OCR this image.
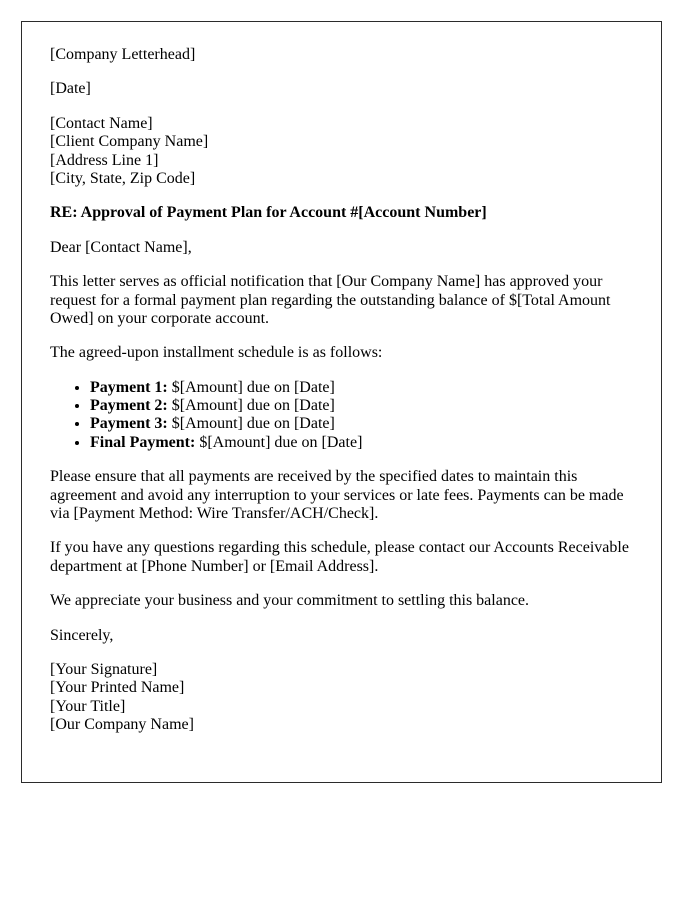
[Company Letterhead]

[Date]

[Contact Name]
[Client Company Name]
[Address Line 1]
[City, State, Zip Code]

RE: Approval of Payment Plan for Account #[Account Number]

Dear [Contact Name],

This letter serves as official notification that [Our Company Name] has approved your request for a formal payment plan regarding the outstanding balance of $[Total Amount Owed] on your corporate account.

The agreed-upon installment schedule is as follows:

• Payment 1: $[Amount] due on [Date]
• Payment 2: $[Amount] due on [Date]
• Payment 3: $[Amount] due on [Date]
• Final Payment: $[Amount] due on [Date]

Please ensure that all payments are received by the specified dates to maintain this agreement and avoid any interruption to your services or late fees. Payments can be made via [Payment Method: Wire Transfer/ACH/Check].

If you have any questions regarding this schedule, please contact our Accounts Receivable department at [Phone Number] or [Email Address].

We appreciate your business and your commitment to settling this balance.

Sincerely,

[Your Signature]
[Your Printed Name]
[Your Title]
[Our Company Name]
